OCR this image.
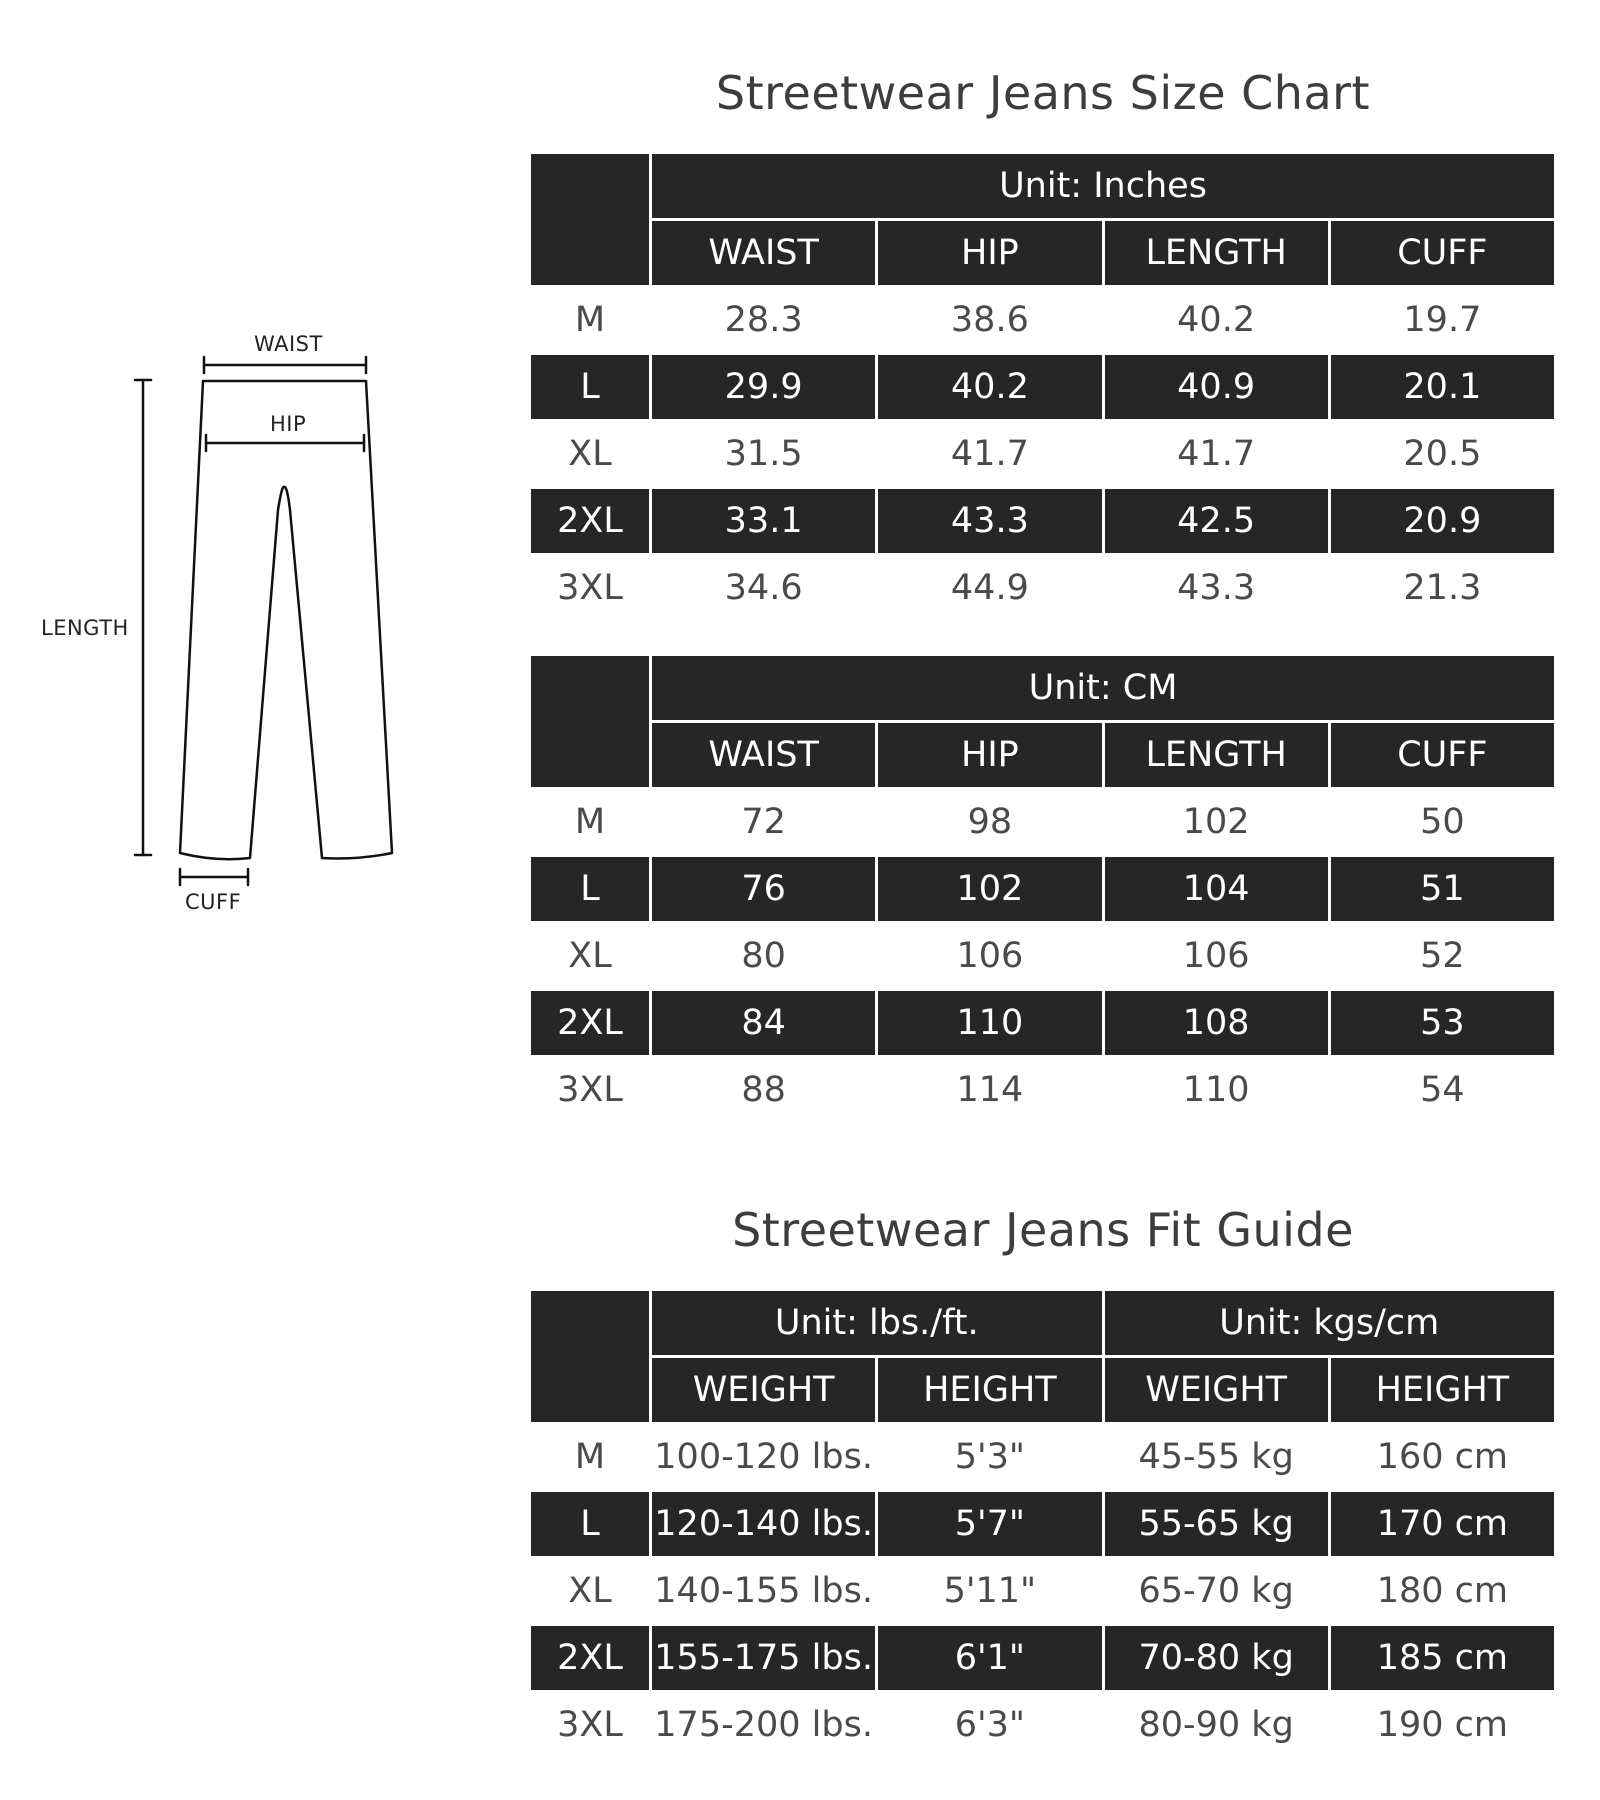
WAIST
HIP
LENGTH
CUFF
Streetwear Jeans Size Chart
	Unit: Inches			
	WAIST	HIP	LENGTH	CUFF
M	28.3	38.6	40.2	19.7
L	29.9	40.2	40.9	20.1
XL	31.5	41.7	41.7	20.5
2XL	33.1	43.3	42.5	20.9
3XL	34.6	44.9	43.3	21.3
	Unit: CM			
	WAIST	HIP	LENGTH	CUFF
M	72	98	102	50
L	76	102	104	51
XL	80	106	106	52
2XL	84	110	108	53
3XL	88	114	110	54
Streetwear Jeans Fit Guide
	Unit: lbs./ft.		Unit: kgs/cm	
	WEIGHT	HEIGHT	WEIGHT	HEIGHT
M	100-120 lbs.	5'3"	45-55 kg	160 cm
L	120-140 lbs.	5'7"	55-65 kg	170 cm
XL	140-155 lbs.	5'11"	65-70 kg	180 cm
2XL	155-175 lbs.	6'1"	70-80 kg	185 cm
3XL	175-200 lbs.	6'3"	80-90 kg	190 cm
